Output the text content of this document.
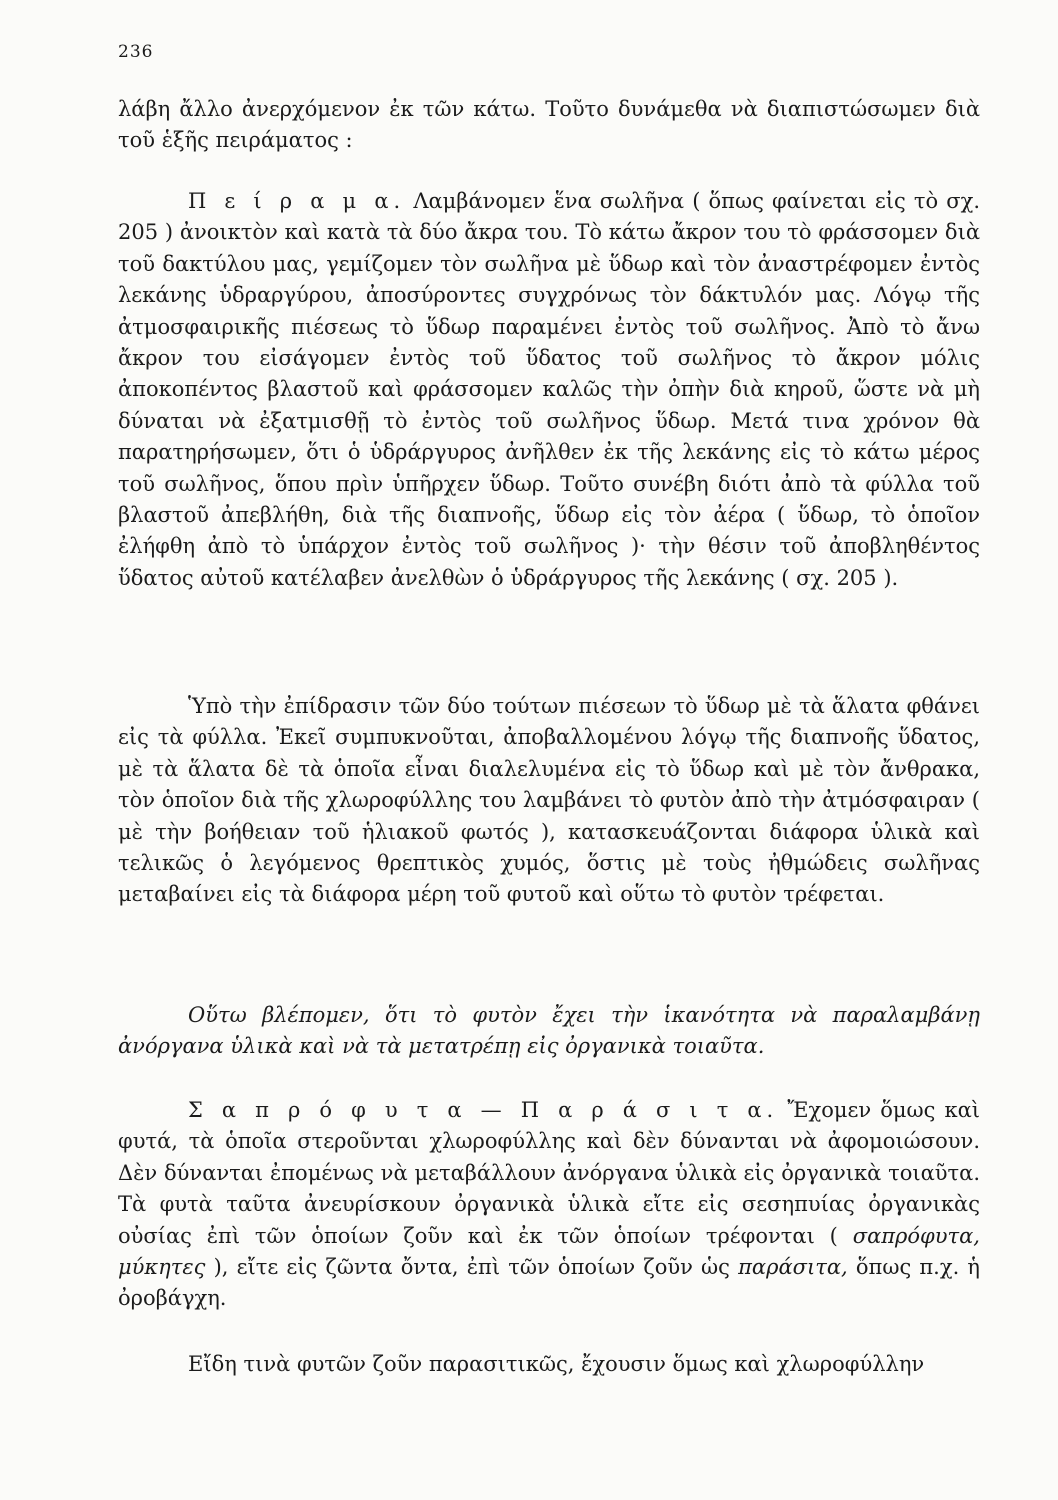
236

λάβη ἄλλο ἀνερχόμενον ἐκ τῶν κάτω. Τοῦτο δυνάμεθα νὰ διαπιστώσωμεν διὰ τοῦ ἑξῆς πειράματος :

Π ε ί ρ α μ α. Λαμβάνομεν ἕνα σωλῆνα ( ὅπως φαίνεται εἰς τὸ σχ. 205 ) ἀνοικτὸν καὶ κατὰ τὰ δύο ἄκρα του. Τὸ κάτω ἄκρον του τὸ φράσσομεν διὰ τοῦ δακτύλου μας, γεμίζομεν τὸν σωλῆνα μὲ ὕδωρ καὶ τὸν ἀναστρέφομεν ἐντὸς λεκάνης ὑδραργύρου, ἀποσύροντες συγχρόνως τὸν δάκτυλόν μας. Λόγῳ τῆς ἀτμοσφαιρικῆς πιέσεως τὸ ὕδωρ παραμένει ἐντὸς τοῦ σωλῆνος. Ἀπὸ τὸ ἄνω ἄκρον του εἰσάγομεν ἐντὸς τοῦ ὕδατος τοῦ σωλῆνος τὸ ἄκρον μόλις ἀποκοπέντος βλαστοῦ καὶ φράσσομεν καλῶς τὴν ὀπὴν διὰ κηροῦ, ὥστε νὰ μὴ δύναται νὰ ἐξατμισθῇ τὸ ἐντὸς τοῦ σωλῆνος ὕδωρ. Μετά τινα χρόνον θὰ παρατηρήσωμεν, ὅτι ὁ ὑδράργυρος ἀνῆλθεν ἐκ τῆς λεκάνης εἰς τὸ κάτω μέρος τοῦ σωλῆνος, ὅπου πρὶν ὑπῆρχεν ὕδωρ. Τοῦτο συνέβη διότι ἀπὸ τὰ φύλλα τοῦ βλαστοῦ ἀπεβλήθη, διὰ τῆς διαπνοῆς, ὕδωρ εἰς τὸν ἀέρα ( ὕδωρ, τὸ ὁποῖον ἐλήφθη ἀπὸ τὸ ὑπάρχον ἐντὸς τοῦ σωλῆνος )· τὴν θέσιν τοῦ ἀποβληθέντος ὕδατος αὐτοῦ κατέλαβεν ἀνελθὼν ὁ ὑδράργυρος τῆς λεκάνης ( σχ. 205 ).

Ὑπὸ τὴν ἐπίδρασιν τῶν δύο τούτων πιέσεων τὸ ὕδωρ μὲ τὰ ἅλατα φθάνει εἰς τὰ φύλλα. Ἐκεῖ συμπυκνοῦται, ἀποβαλλομένου λόγῳ τῆς διαπνοῆς ὕδατος, μὲ τὰ ἅλατα δὲ τὰ ὁποῖα εἶναι διαλελυμένα εἰς τὸ ὕδωρ καὶ μὲ τὸν ἄνθρακα, τὸν ὁποῖον διὰ τῆς χλωροφύλλης του λαμβάνει τὸ φυτὸν ἀπὸ τὴν ἀτμόσφαιραν ( μὲ τὴν βοήθειαν τοῦ ἡλιακοῦ φωτός ), κατασκευάζονται διάφορα ὑλικὰ καὶ τελικῶς ὁ λεγόμενος θρεπτικὸς χυμός, ὅστις μὲ τοὺς ἠθμώδεις σωλῆνας μεταβαίνει εἰς τὰ διάφορα μέρη τοῦ φυτοῦ καὶ οὕτω τὸ φυτὸν τρέφεται.

Οὕτω βλέπομεν, ὅτι τὸ φυτὸν ἔχει τὴν ἱκανότητα νὰ παραλαμβάνῃ ἀνόργανα ὑλικὰ καὶ νὰ τὰ μετατρέπῃ εἰς ὀργανικὰ τοιαῦτα.

Σ α π ρ ό φ υ τ α — Π α ρ ά σ ι τ α. Ἔχομεν ὅμως καὶ φυτά, τὰ ὁποῖα στεροῦνται χλωροφύλλης καὶ δὲν δύνανται νὰ ἀφομοιώσουν. Δὲν δύνανται ἐπομένως νὰ μεταβάλλουν ἀνόργανα ὑλικὰ εἰς ὀργανικὰ τοιαῦτα. Τὰ φυτὰ ταῦτα ἀνευρίσκουν ὀργανικὰ ὑλικὰ εἴτε εἰς σεσηπυίας ὀργανικὰς οὐσίας ἐπὶ τῶν ὁποίων ζοῦν καὶ ἐκ τῶν ὁποίων τρέφονται ( σαπρόφυτα, μύκητες ), εἴτε εἰς ζῶντα ὄντα, ἐπὶ τῶν ὁποίων ζοῦν ὡς παράσιτα, ὅπως π.χ. ἡ ὀροβάγχη.

Εἴδη τινὰ φυτῶν ζοῦν παρασιτικῶς, ἔχουσιν ὅμως καὶ χλωροφύλλην
